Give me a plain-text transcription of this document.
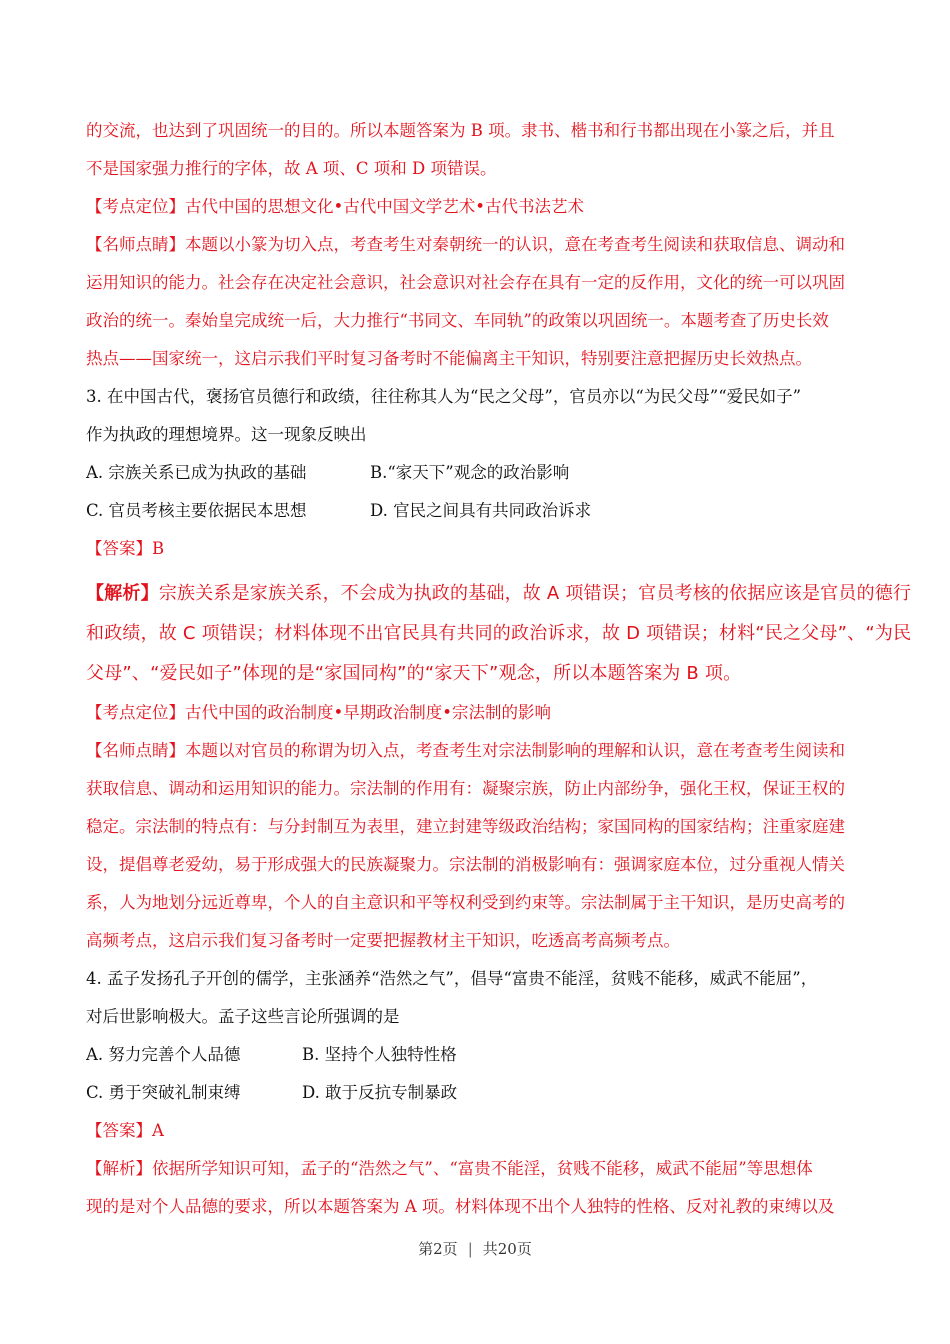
的交流，也达到了巩固统一的目的。所以本题答案为 B 项。隶书、楷书和行书都出现在小篆之后，并且
不是国家强力推行的字体，故 A 项、C 项和 D 项错误。
【考点定位】古代中国的思想文化•古代中国文学艺术•古代书法艺术
【名师点睛】本题以小篆为切入点，考查考生对秦朝统一的认识，意在考查考生阅读和获取信息、调动和
运用知识的能力。社会存在决定社会意识，社会意识对社会存在具有一定的反作用，文化的统一可以巩固
政治的统一。秦始皇完成统一后，大力推行“书同文、车同轨”的政策以巩固统一。本题考查了历史长效
热点——国家统一，这启示我们平时复习备考时不能偏离主干知识，特别要注意把握历史长效热点。
3. 在中国古代，褒扬官员德行和政绩，往往称其人为“民之父母”，官员亦以“为民父母”“爱民如子”
作为执政的理想境界。这一现象反映出
A. 宗族关系已成为执政的基础	B.“家天下”观念的政治影响
C. 官员考核主要依据民本思想	D. 官民之间具有共同政治诉求
【答案】B
【解析】宗族关系是家族关系，不会成为执政的基础，故 A 项错误；官员考核的依据应该是官员的德行
和政绩，故 C 项错误；材料体现不出官民具有共同的政治诉求，故 D 项错误；材料“民之父母”、“为民
父母”、“爱民如子”体现的是“家国同构”的“家天下”观念，所以本题答案为 B 项。
【考点定位】古代中国的政治制度•早期政治制度•宗法制的影响
【名师点睛】本题以对官员的称谓为切入点，考查考生对宗法制影响的理解和认识，意在考查考生阅读和
获取信息、调动和运用知识的能力。宗法制的作用有：凝聚宗族，防止内部纷争，强化王权，保证王权的
稳定。宗法制的特点有：与分封制互为表里，建立封建等级政治结构；家国同构的国家结构；注重家庭建
设，提倡尊老爱幼，易于形成强大的民族凝聚力。宗法制的消极影响有：强调家庭本位，过分重视人情关
系，人为地划分远近尊卑，个人的自主意识和平等权利受到约束等。宗法制属于主干知识，是历史高考的
高频考点，这启示我们复习备考时一定要把握教材主干知识，吃透高考高频考点。
4. 孟子发扬孔子开创的儒学，主张涵养“浩然之气”，倡导“富贵不能淫，贫贱不能移，威武不能屈”，
对后世影响极大。孟子这些言论所强调的是
A. 努力完善个人品德	B. 坚持个人独特性格
C. 勇于突破礼制束缚	D. 敢于反抗专制暴政
【答案】A
【解析】依据所学知识可知，孟子的“浩然之气”、“富贵不能淫，贫贱不能移，威武不能屈”等思想体
现的是对个人品德的要求，所以本题答案为 A 项。材料体现不出个人独特的性格、反对礼教的束缚以及
第2页 | 共20页
